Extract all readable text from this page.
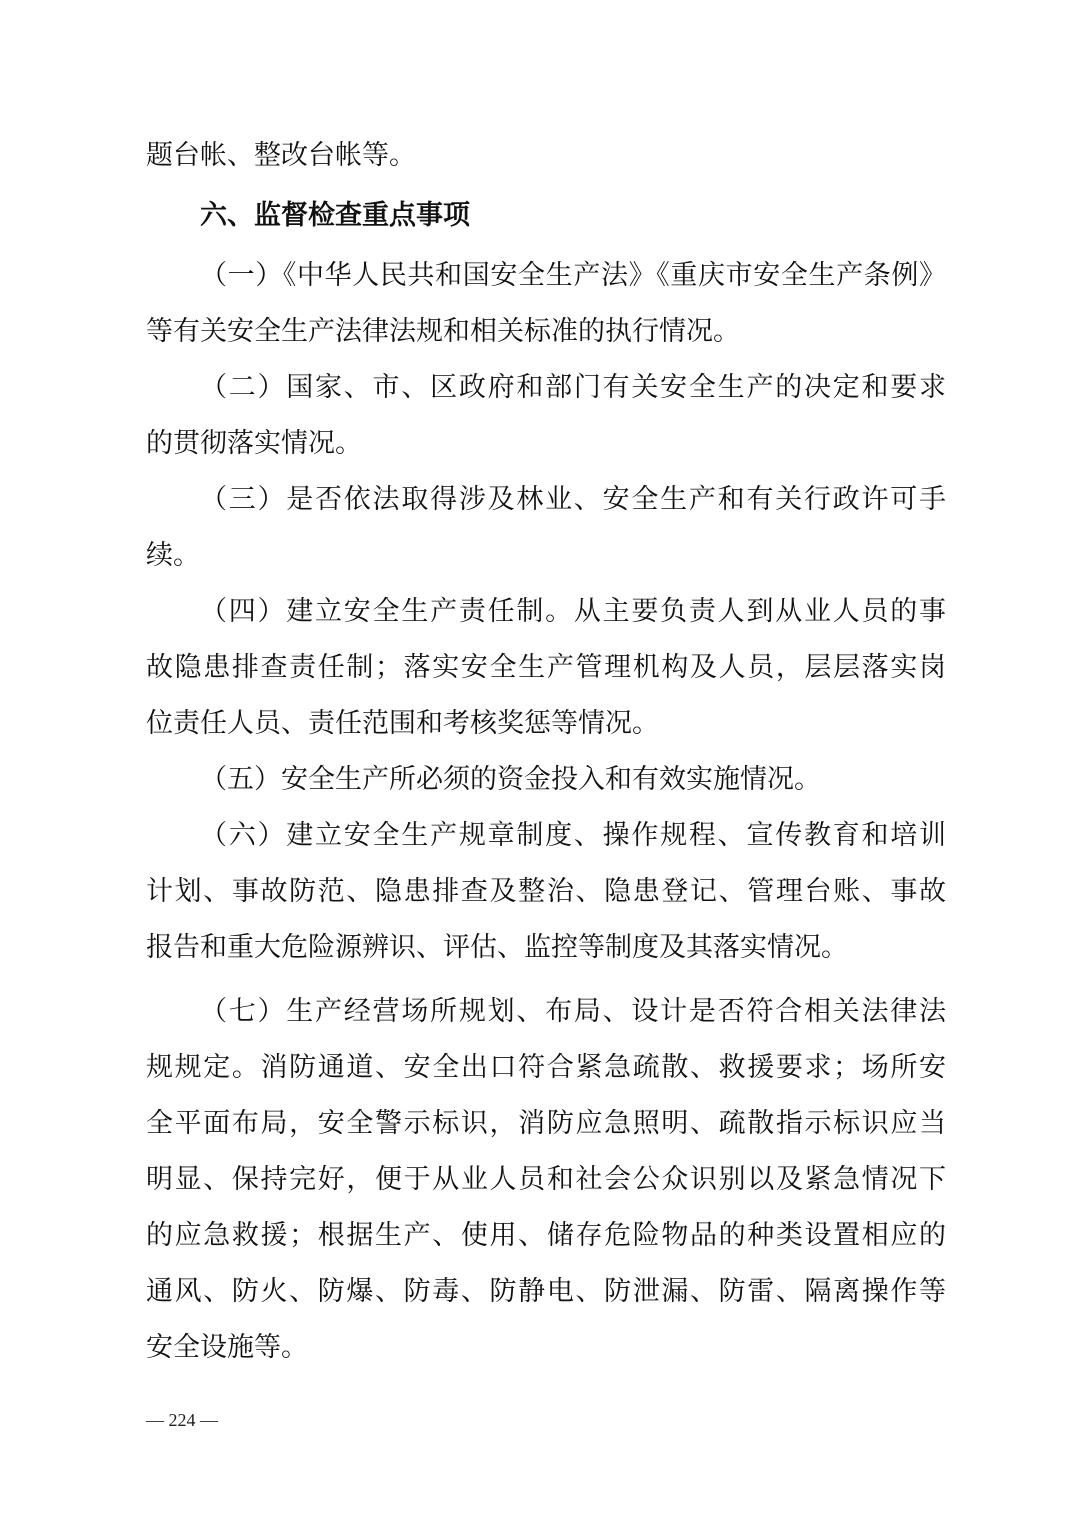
题台帐、整改台帐等。
六、监督检查重点事项
（一）《中华人民共和国安全生产法》《重庆市安全生产条例》
等有关安全生产法律法规和相关标准的执行情况。
（二）国家、市、区政府和部门有关安全生产的决定和要求
的贯彻落实情况。
（三）是否依法取得涉及林业、安全生产和有关行政许可手
续。
（四）建立安全生产责任制。从主要负责人到从业人员的事
故隐患排查责任制；落实安全生产管理机构及人员，层层落实岗
位责任人员、责任范围和考核奖惩等情况。
（五）安全生产所必须的资金投入和有效实施情况。
（六）建立安全生产规章制度、操作规程、宣传教育和培训
计划、事故防范、隐患排查及整治、隐患登记、管理台账、事故
报告和重大危险源辨识、评估、监控等制度及其落实情况。
（七）生产经营场所规划、布局、设计是否符合相关法律法
规规定。消防通道、安全出口符合紧急疏散、救援要求；场所安
全平面布局，安全警示标识，消防应急照明、疏散指示标识应当
明显、保持完好，便于从业人员和社会公众识别以及紧急情况下
的应急救援；根据生产、使用、储存危险物品的种类设置相应的
通风、防火、防爆、防毒、防静电、防泄漏、防雷、隔离操作等
安全设施等。
— 224 —
